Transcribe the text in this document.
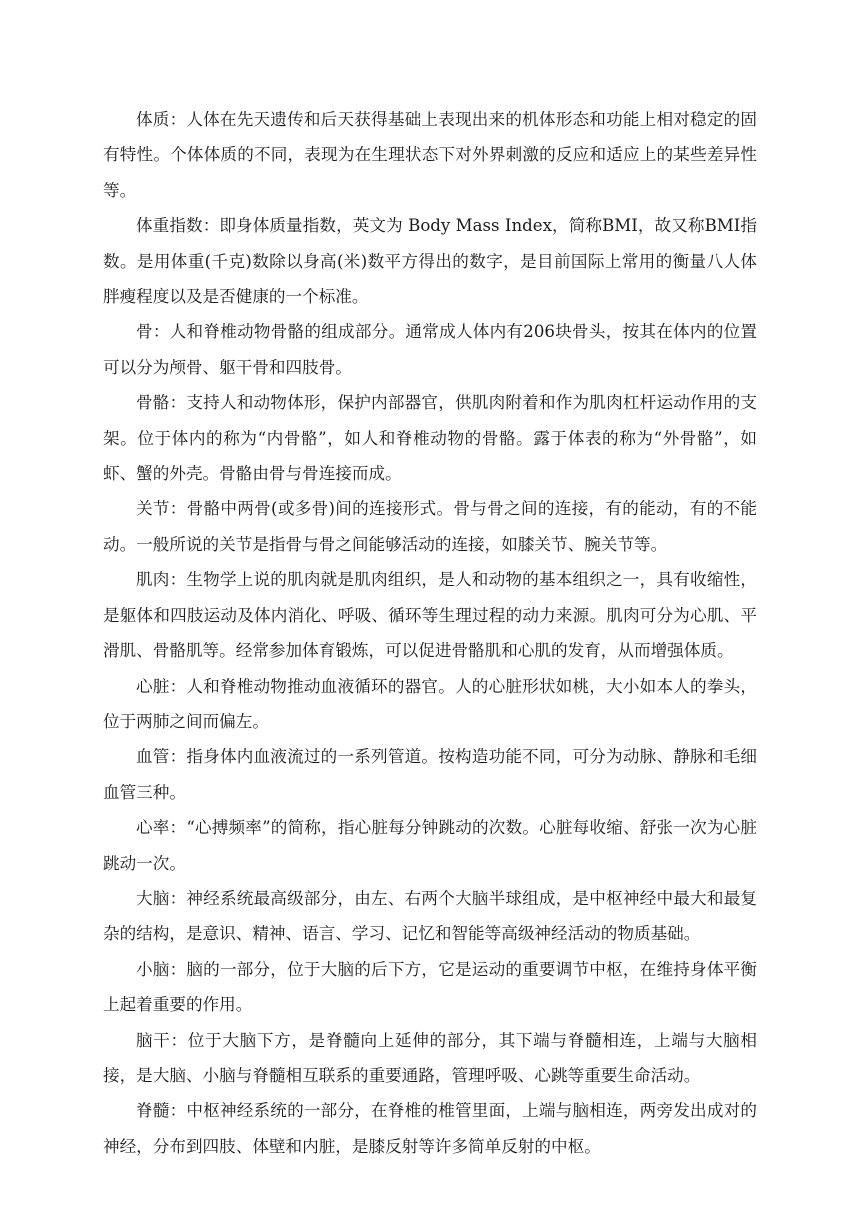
体质：人体在先天遗传和后天获得基础上表现出来的机体形态和功能上相对稳定的固有特性。个体体质的不同，表现为在生理状态下对外界刺激的反应和适应上的某些差异性等。

体重指数：即身体质量指数，英文为 Body Mass Index，简称BMI，故又称BMI指数。是用体重(千克)数除以身高(米)数平方得出的数字，是目前国际上常用的衡量八人体胖瘦程度以及是否健康的一个标准。

骨：人和脊椎动物骨骼的组成部分。通常成人体内有206块骨头，按其在体内的位置可以分为颅骨、躯干骨和四肢骨。

骨骼：支持人和动物体形，保护内部器官，供肌肉附着和作为肌肉杠杆运动作用的支架。位于体内的称为“内骨骼”，如人和脊椎动物的骨骼。露于体表的称为“外骨骼”，如虾、蟹的外壳。骨骼由骨与骨连接而成。

关节：骨骼中两骨(或多骨)间的连接形式。骨与骨之间的连接，有的能动，有的不能动。一般所说的关节是指骨与骨之间能够活动的连接，如膝关节、腕关节等。

肌肉：生物学上说的肌肉就是肌肉组织，是人和动物的基本组织之一，具有收缩性，是躯体和四肢运动及体内消化、呼吸、循环等生理过程的动力来源。肌肉可分为心肌、平滑肌、骨骼肌等。经常参加体育锻炼，可以促进骨骼肌和心肌的发育，从而增强体质。

心脏：人和脊椎动物推动血液循环的器官。人的心脏形状如桃，大小如本人的拳头，位于两肺之间而偏左。

血管：指身体内血液流过的一系列管道。按构造功能不同，可分为动脉、静脉和毛细血管三种。

心率：“心搏频率”的简称，指心脏每分钟跳动的次数。心脏每收缩、舒张一次为心脏跳动一次。

大脑：神经系统最高级部分，由左、右两个大脑半球组成，是中枢神经中最大和最复杂的结构，是意识、精神、语言、学习、记忆和智能等高级神经活动的物质基础。

小脑：脑的一部分，位于大脑的后下方，它是运动的重要调节中枢，在维持身体平衡上起着重要的作用。

脑干：位于大脑下方，是脊髓向上延伸的部分，其下端与脊髓相连，上端与大脑相接，是大脑、小脑与脊髓相互联系的重要通路，管理呼吸、心跳等重要生命活动。

脊髓：中枢神经系统的一部分，在脊椎的椎管里面，上端与脑相连，两旁发出成对的神经，分布到四肢、体壁和内脏，是膝反射等许多简单反射的中枢。
